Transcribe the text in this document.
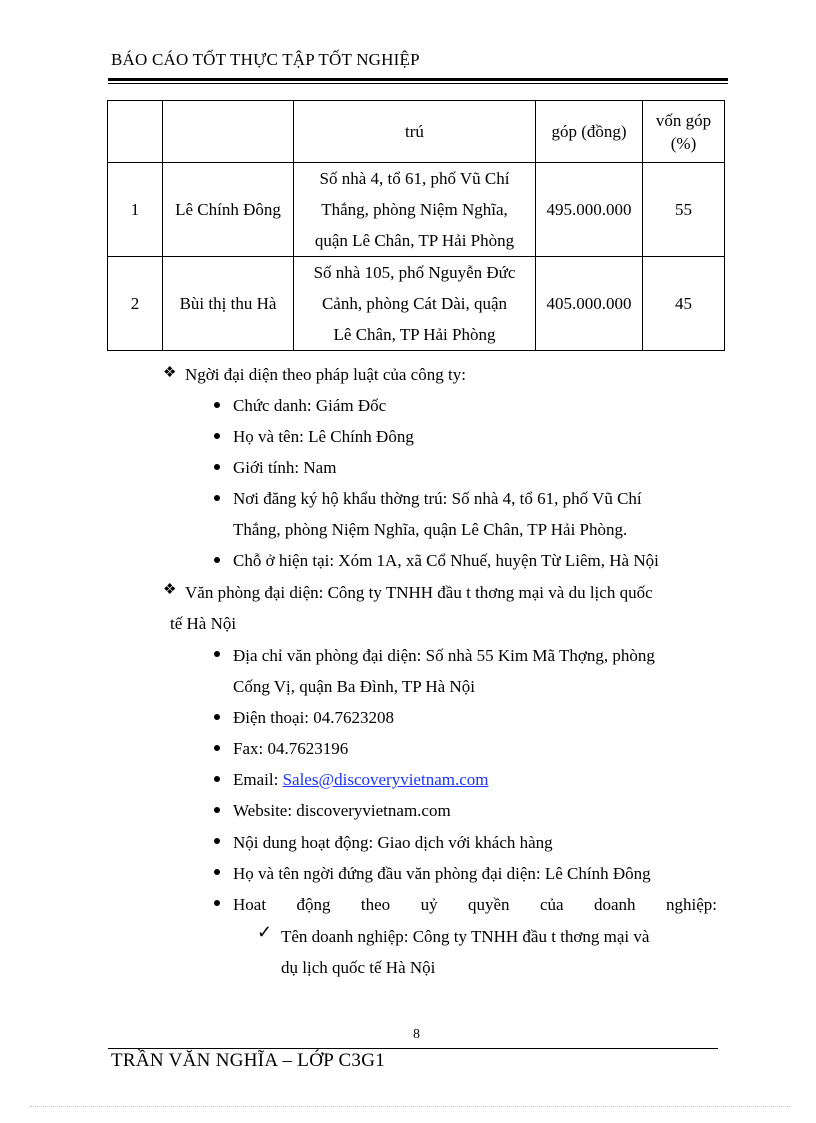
BÁO CÁO TỐT THỰC TẬP TỐT NGHIỆP
		trú	góp (đồng)	vốn góp
(%)

1	Lê Chính Đông	Số nhà 4, tổ 61, phố Vũ Chí
Thắng, phòng Niệm Nghĩa,
quận Lê Chân, TP Hải Phòng	495.000.000	55
2	Bùi thị thu Hà	Số nhà 105, phố Nguyễn Đức
Cảnh, phòng Cát Dài, quận
Lê Chân, TP Hải Phòng	405.000.000	45
❖ Ngời đại diện theo pháp luật của công ty:
Chức danh: Giám Đốc
Họ và tên: Lê Chính Đông
Giới tính: Nam
Nơi đăng ký hộ khẩu thờng trú: Số nhà 4, tổ 61, phố Vũ Chí
Thắng, phòng Niệm Nghĩa, quận Lê Chân, TP Hải Phòng.
Chỗ ở hiện tại: Xóm 1A, xã Cổ Nhuế, huyện Từ Liêm, Hà Nội
❖ Văn phòng đại diện: Công ty TNHH đầu t thơng mại và du lịch quốc
tế Hà Nội
Địa chỉ văn phòng đại diện: Số nhà 55 Kim Mã Thợng, phòng
Cống Vị, quận Ba Đình, TP Hà Nội
Điện thoại: 04.7623208
Fax: 04.7623196
Email: Sales@discoveryvietnam.com
Website: discoveryvietnam.com
Nội dung hoạt động: Giao dịch với khách hàng
Họ và tên ngời đứng đầu văn phòng đại diện: Lê Chính Đông
Hoat động theo uỷ quyền của doanh nghiệp:
✓ Tên doanh nghiệp: Công ty TNHH đầu t thơng mại và
dụ lịch quốc tế Hà Nội
8
TRẦN VĂN NGHĨA – LỚP C3G1
